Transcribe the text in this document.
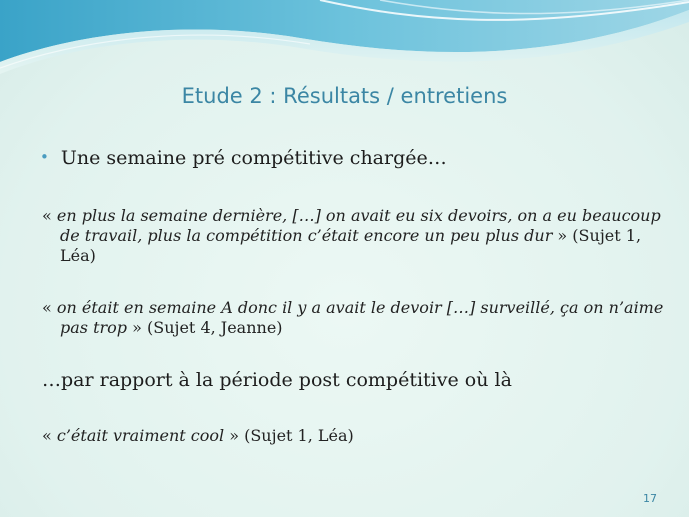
Etude 2 : Résultats / entretiens
• Une semaine pré compétitive chargée…
« en plus la semaine dernière, […] on avait eu six devoirs, on a eu beaucoup de travail, plus la compétition c’était encore un peu plus dur » (Sujet 1, Léa)
« on était en semaine A donc il y a avait le devoir […] surveillé, ça on n’aime pas trop » (Sujet 4, Jeanne)
…par rapport à la période post compétitive où là
« c’était vraiment cool » (Sujet 1, Léa)
17
